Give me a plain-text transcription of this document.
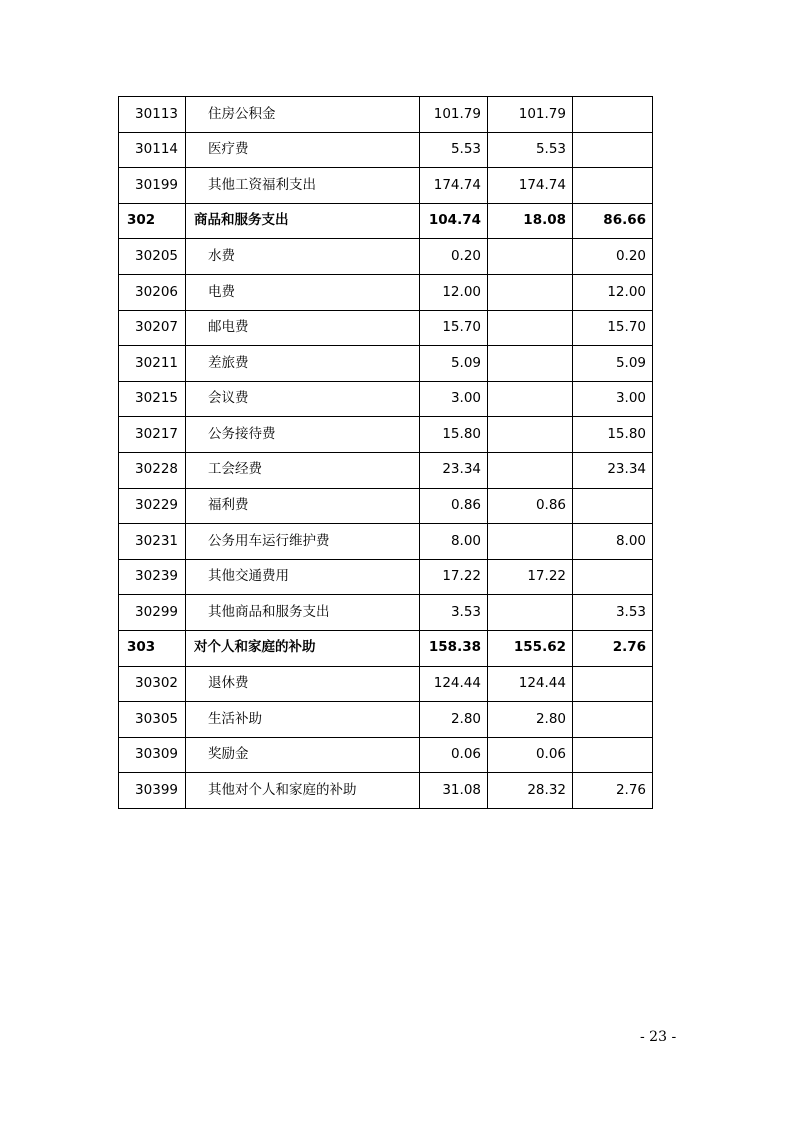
30113	住房公积金	101.79	101.79	
30114	医疗费	5.53	5.53	
30199	其他工资福利支出	174.74	174.74	
302	商品和服务支出	104.74	18.08	86.66
30205	水费	0.20		0.20
30206	电费	12.00		12.00
30207	邮电费	15.70		15.70
30211	差旅费	5.09		5.09
30215	会议费	3.00		3.00
30217	公务接待费	15.80		15.80
30228	工会经费	23.34		23.34
30229	福利费	0.86	0.86	
30231	公务用车运行维护费	8.00		8.00
30239	其他交通费用	17.22	17.22	
30299	其他商品和服务支出	3.53		3.53
303	对个人和家庭的补助	158.38	155.62	2.76
30302	退休费	124.44	124.44	
30305	生活补助	2.80	2.80	
30309	奖励金	0.06	0.06	
30399	其他对个人和家庭的补助	31.08	28.32	2.76
- 23 -
